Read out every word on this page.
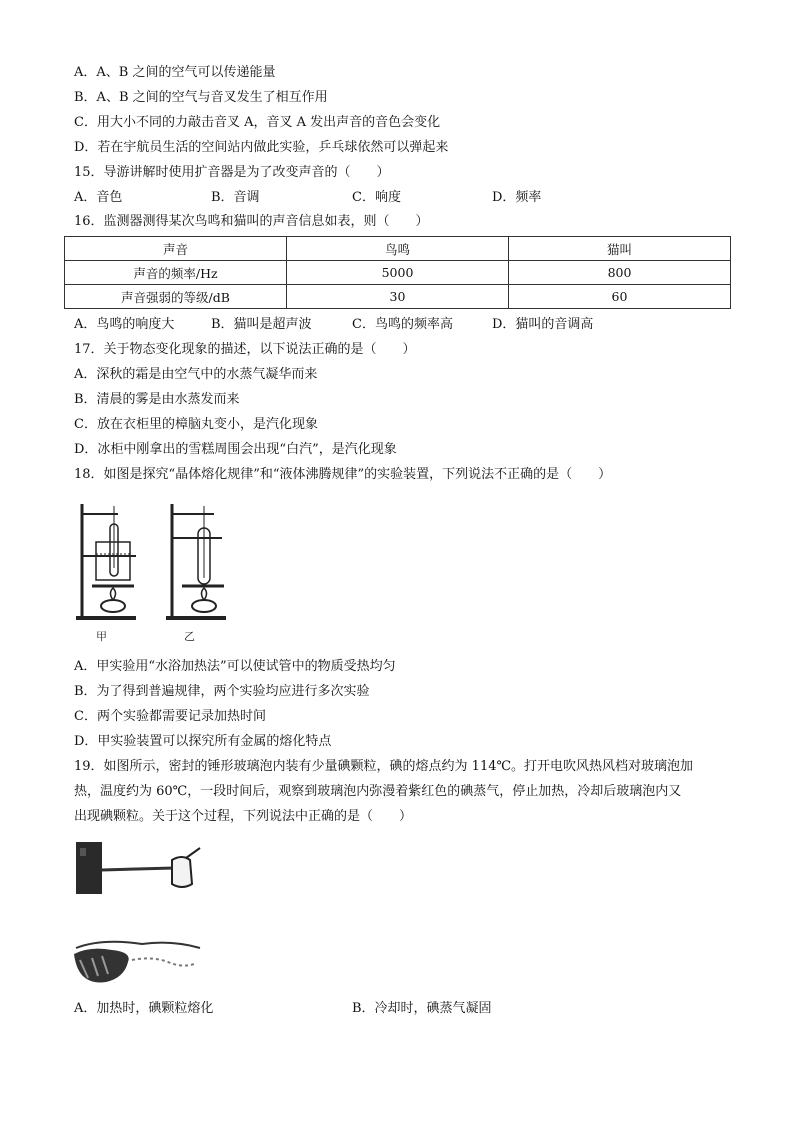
A．A、B 之间的空气可以传递能量
B．A、B 之间的空气与音叉发生了相互作用
C．用大小不同的力敲击音叉 A，音叉 A 发出声音的音色会变化
D．若在宇航员生活的空间站内做此实验，乒乓球依然可以弹起来
15．导游讲解时使用扩音器是为了改变声音的（　　）
A．音色	B．音调	C．响度	D．频率
16．监测器测得某次鸟鸣和猫叫的声音信息如表，则（　　）
声音	鸟鸣	猫叫
声音的频率/Hz	5000	800
声音强弱的等级/dB	30	60
A．鸟鸣的响度大	B．猫叫是超声波	C．鸟鸣的频率高	D．猫叫的音调高
17．关于物态变化现象的描述，以下说法正确的是（　　）
A．深秋的霜是由空气中的水蒸气凝华而来
B．清晨的雾是由水蒸发而来
C．放在衣柜里的樟脑丸变小，是汽化现象
D．冰柜中刚拿出的雪糕周围会出现“白汽”，是汽化现象
18．如图是探究“晶体熔化规律”和“液体沸腾规律”的实验装置，下列说法不正确的是（　　）
甲	乙
A．甲实验用“水浴加热法”可以使试管中的物质受热均匀
B．为了得到普遍规律，两个实验均应进行多次实验
C．两个实验都需要记录加热时间
D．甲实验装置可以探究所有金属的熔化特点
19．如图所示，密封的锤形玻璃泡内装有少量碘颗粒，碘的熔点约为 114℃。打开电吹风热风档对玻璃泡加
热，温度约为 60℃，一段时间后，观察到玻璃泡内弥漫着紫红色的碘蒸气，停止加热，冷却后玻璃泡内又
出现碘颗粒。关于这个过程，下列说法中正确的是（　　）
A．加热时，碘颗粒熔化	B．冷却时，碘蒸气凝固
